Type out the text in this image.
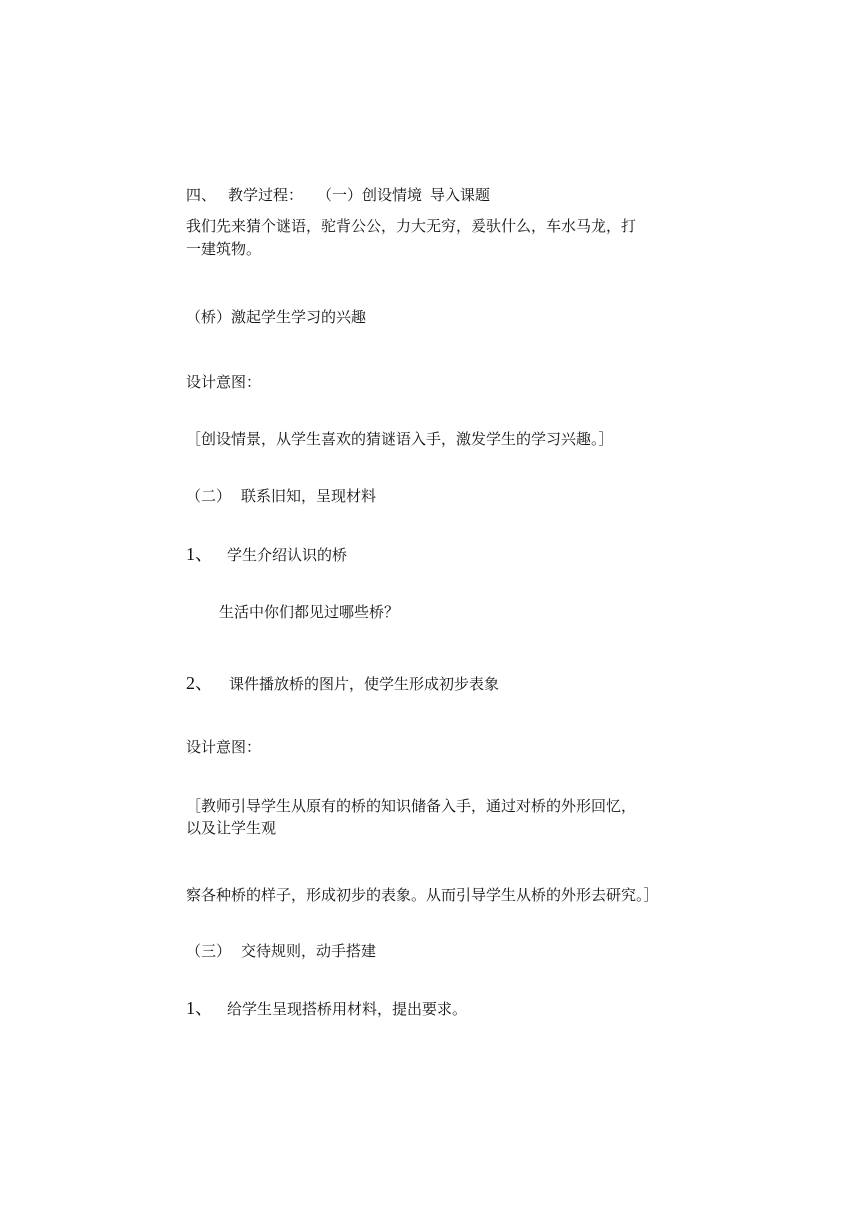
四、 教学过程： （一）创设情境 导入课题
我们先来猜个谜语，驼背公公，力大无穷，爰驮什么，车水马龙，打
一建筑物。
（桥）激起学生学习的兴趣
设计意图：
［创设情景，从学生喜欢的猜谜语入手，激发学生的学习兴趣。］
（二） 联系旧知，呈现材料
1、 学生介绍认识的桥
生活中你们都见过哪些桥？
2、 课件播放桥的图片，使学生形成初步表象
设计意图：
［教师引导学生从原有的桥的知识储备入手，通过对桥的外形回忆，
以及让学生观
察各种桥的样子，形成初步的表象。从而引导学生从桥的外形去研究。］
（三） 交待规则，动手搭建
1、 给学生呈现搭桥用材料，提出要求。
